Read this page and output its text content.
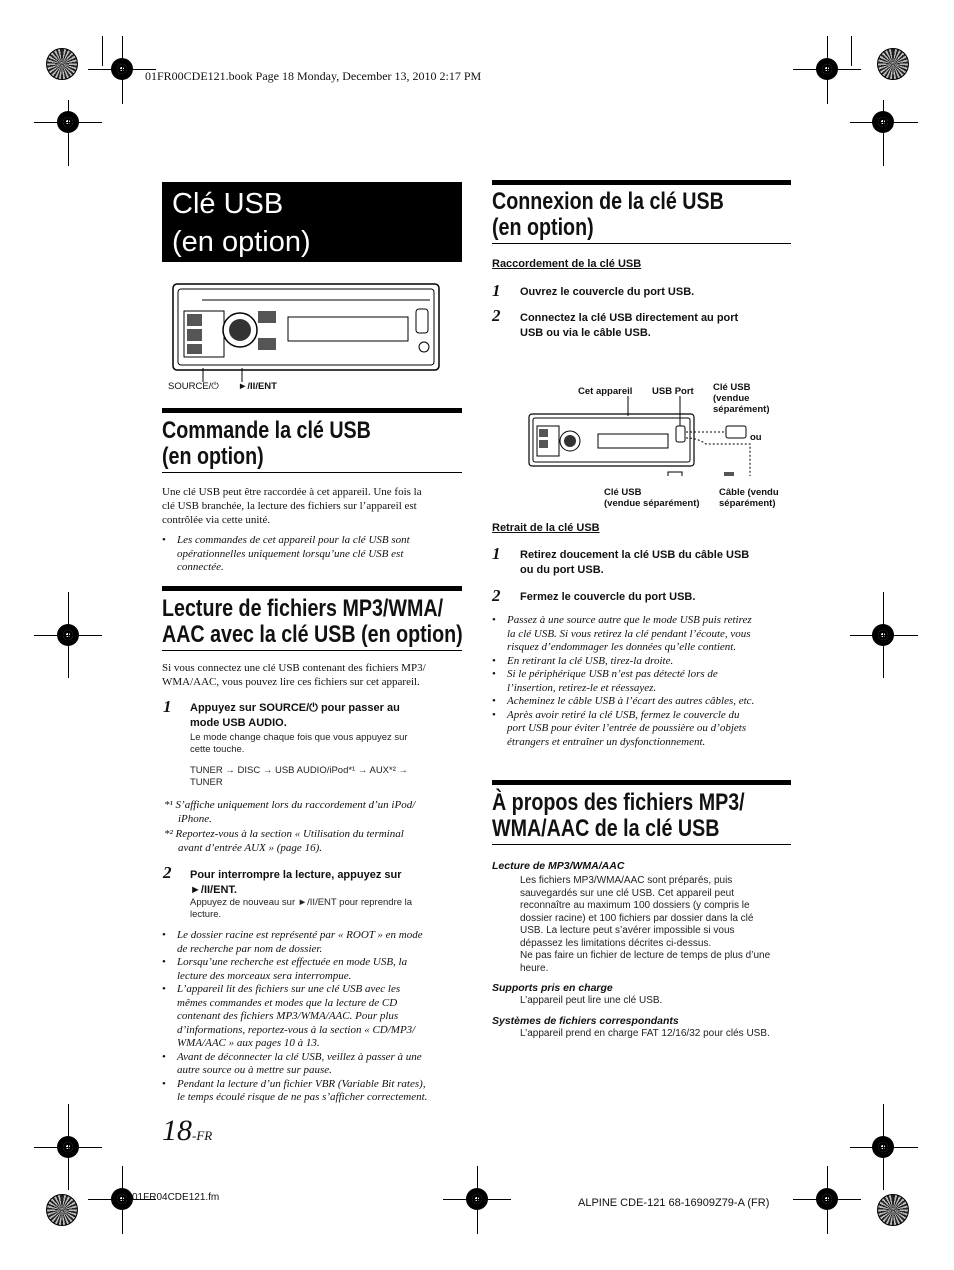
01FR00CDE121.book Page 18 Monday, December 13, 2010 2:17 PM
Clé USB
(en option)
SOURCE/⏻ ►/II/ENT
Commande la clé USB
(en option)
Une clé USB peut être raccordée à cet appareil. Une fois la
clé USB branchée, la lecture des fichiers sur l’appareil est
contrôlée via cette unité.
• Les commandes de cet appareil pour la clé USB sont
opérationnelles uniquement lorsqu’une clé USB est
connectée.
Lecture de fichiers MP3/WMA/
AAC avec la clé USB (en option)
Si vous connectez une clé USB contenant des fichiers MP3/
WMA/AAC, vous pouvez lire ces fichiers sur cet appareil.
1 Appuyez sur SOURCE/⏻ pour passer au
mode USB AUDIO.
Le mode change chaque fois que vous appuyez sur
cette touche.
TUNER → DISC → USB AUDIO/iPod*¹ → AUX*² →
TUNER
*¹ S’affiche uniquement lors du raccordement d’un iPod/
iPhone.
*² Reportez-vous à la section « Utilisation du terminal
avant d’entrée AUX » (page 16).
2 Pour interrompre la lecture, appuyez sur
►/II/ENT.
Appuyez de nouveau sur ►/II/ENT pour reprendre la
lecture.
• Le dossier racine est représenté par « ROOT » en mode
de recherche par nom de dossier.
• Lorsqu’une recherche est effectuée en mode USB, la
lecture des morceaux sera interrompue.
• L’appareil lit des fichiers sur une clé USB avec les
mêmes commandes et modes que la lecture de CD
contenant des fichiers MP3/WMA/AAC. Pour plus
d’informations, reportez-vous à la section « CD/MP3/
WMA/AAC » aux pages 10 à 13.
• Avant de déconnecter la clé USB, veillez à passer à une
autre source ou à mettre sur pause.
• Pendant la lecture d’un fichier VBR (Variable Bit rates),
le temps écoulé risque de ne pas s’afficher correctement.
18-FR
01FR04CDE121.fm	ALPINE CDE-121 68-16909Z79-A (FR)
Connexion de la clé USB
(en option)
Raccordement de la clé USB
1 Ouvrez le couvercle du port USB.
2 Connectez la clé USB directement au port
USB ou via le câble USB.
Cet appareil USB Port Clé USB
(vendue
séparément)
ou
Clé USB
(vendue séparément)
Câble (vendu
séparément)
Retrait de la clé USB
1 Retirez doucement la clé USB du câble USB
ou du port USB.
2 Fermez le couvercle du port USB.
• Passez à une source autre que le mode USB puis retirez
la clé USB. Si vous retirez la clé pendant l’écoute, vous
risquez d’endommager les données qu’elle contient.
• En retirant la clé USB, tirez-la droite.
• Si le périphérique USB n’est pas détecté lors de
l’insertion, retirez-le et réessayez.
• Acheminez le câble USB à l’écart des autres câbles, etc.
• Après avoir retiré la clé USB, fermez le couvercle du
port USB pour éviter l’entrée de poussière ou d’objets
étrangers et entraîner un dysfonctionnement.
À propos des fichiers MP3/
WMA/AAC de la clé USB
Lecture de MP3/WMA/AAC
Les fichiers MP3/WMA/AAC sont préparés, puis
sauvegardés sur une clé USB. Cet appareil peut
reconnaître au maximum 100 dossiers (y compris le
dossier racine) et 100 fichiers par dossier dans la clé
USB. La lecture peut s’avérer impossible si vous
dépassez les limitations décrites ci-dessus.
Ne pas faire un fichier de lecture de temps de plus d’une
heure.
Supports pris en charge
L’appareil peut lire une clé USB.
Systèmes de fichiers correspondants
L’appareil prend en charge FAT 12/16/32 pour clés USB.
